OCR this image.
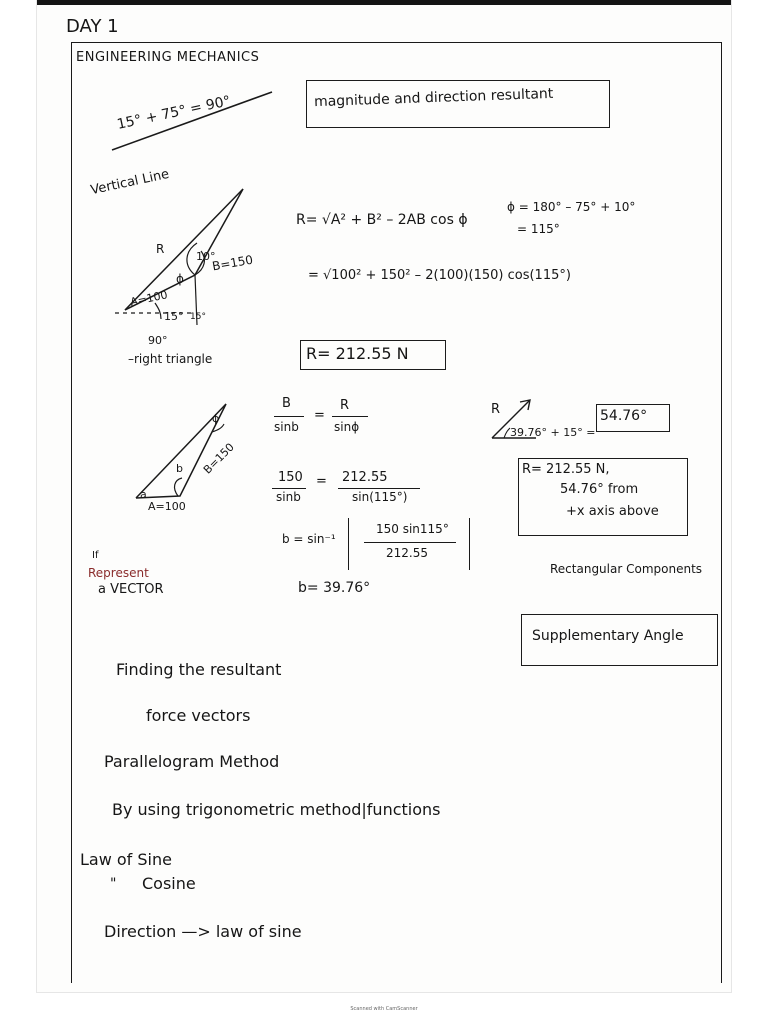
DAY 1
ENGINEERING MECHANICS
15° + 75° = 90°
Vertical Line
R
10°
B=150
ϕ
A=100
15° 15°
90°
–right triangle
a
b B=150
A=100
ϕ
If
Represent
a VECTOR
magnitude and direction resultant
R= √A² + B² – 2AB cos ϕ
ϕ = 180° – 75° + 10°
= 115°
= √100² + 150² – 2(100)(150) cos(115°)
R= 212.55 N
B
sinb
=
R
sinϕ
150
sinb
= 212.55
sin(115°)
b = sin⁻¹
150 sin115°
212.55
b= 39.76°
R
39.76° + 15° =
54.76°
R= 212.55 N,
54.76° from
+x axis above
Rectangular Components
Supplementary Angle
Finding the resultant
force vectors
Parallelogram Method
By using trigonometric method|functions
Law of Sine
" Cosine
Direction —> law of sine
Scanned with CamScanner
